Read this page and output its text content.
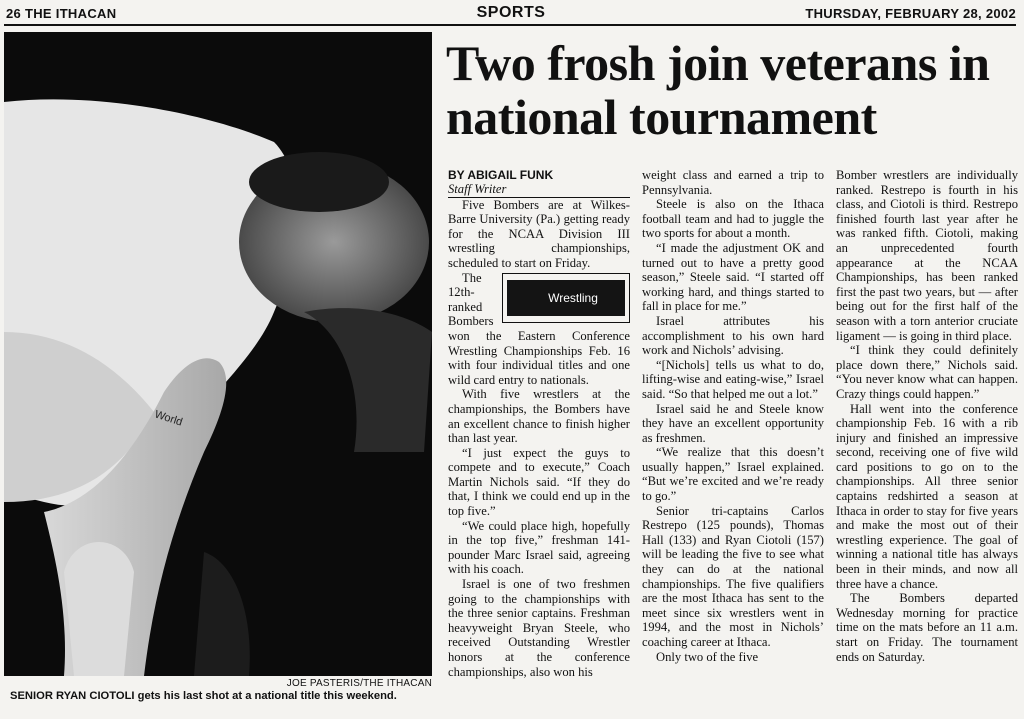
26 THE ITHACAN	SPORTS	THURSDAY, FEBRUARY 28, 2002
World
JOE PASTERIS/THE ITHACAN
SENIOR RYAN CIOTOLI gets his last shot at a national title this weekend.
Two frosh join veterans in national tournament

BY ABIGAIL FUNK

Staff Writer

Five Bombers are at Wilkes-Barre University (Pa.) getting ready for the NCAA Division III wrestling championships, scheduled to start on Friday.

Wrestling
The 12th-ranked Bombers won the Eastern Conference Wrestling Championships Feb. 16 with four individual titles and one wild card entry to nationals.

With five wrestlers at the championships, the Bombers have an excellent chance to finish higher than last year.

“I just expect the guys to compete and to execute,” Coach Martin Nichols said. “If they do that, I think we could end up in the top five.”

“We could place high, hopefully in the top five,” freshman 141-pounder Marc Israel said, agreeing with his coach.

Israel is one of two freshmen going to the championships with the three senior captains. Freshman heavyweight Bryan Steele, who received Outstanding Wrestler honors at the conference championships, also won his

weight class and earned a trip to Pennsylvania.

Steele is also on the Ithaca football team and had to juggle the two sports for about a month.

“I made the adjustment OK and turned out to have a pretty good season,” Steele said. “I started off working hard, and things started to fall in place for me.”

Israel attributes his accomplishment to his own hard work and Nichols’ advising.

“[Nichols] tells us what to do, lifting-wise and eating-wise,” Israel said. “So that helped me out a lot.”

Israel said he and Steele know they have an excellent opportunity as freshmen.

“We realize that this doesn’t usually happen,” Israel explained. “But we’re excited and we’re ready to go.”

Senior tri-captains Carlos Restrepo (125 pounds), Thomas Hall (133) and Ryan Ciotoli (157) will be leading the five to see what they can do at the national championships. The five qualifiers are the most Ithaca has sent to the meet since six wrestlers went in 1994, and the most in Nichols’ coaching career at Ithaca.

Only two of the five

Bomber wrestlers are individually ranked. Restrepo is fourth in his class, and Ciotoli is third. Restrepo finished fourth last year after he was ranked fifth. Ciotoli, making an unprecedented fourth appearance at the NCAA Championships, has been ranked first the past two years, but — after being out for the first half of the season with a torn anterior cruciate ligament — is going in third place.

“I think they could definitely place down there,” Nichols said. “You never know what can happen. Crazy things could happen.”

Hall went into the conference championship Feb. 16 with a rib injury and finished an impressive second, receiving one of five wild card positions to go on to the championships. All three senior captains redshirted a season at Ithaca in order to stay for five years and make the most out of their wrestling experience. The goal of winning a national title has always been in their minds, and now all three have a chance.

The Bombers departed Wednesday morning for practice time on the mats before an 11 a.m. start on Friday. The tournament ends on Saturday.
